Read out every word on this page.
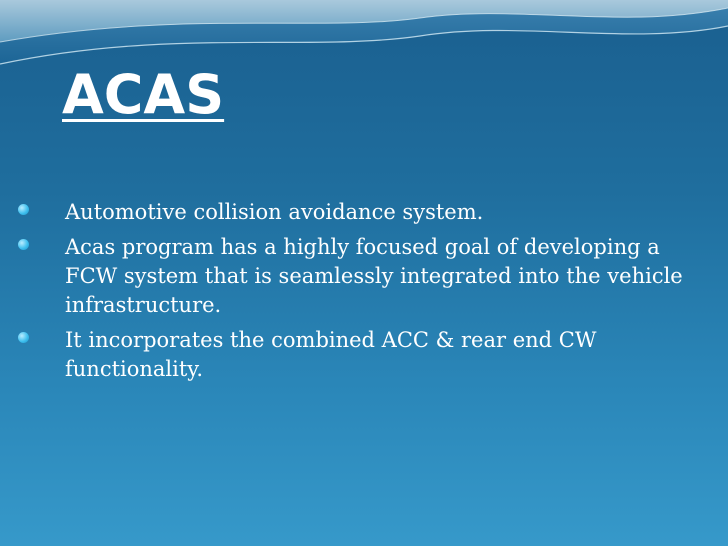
ACAS
Automotive collision avoidance system.
Acas program has a highly focused goal of developing a FCW system that is seamlessly integrated into the vehicle infrastructure.
It incorporates the combined ACC & rear end CW functionality.
